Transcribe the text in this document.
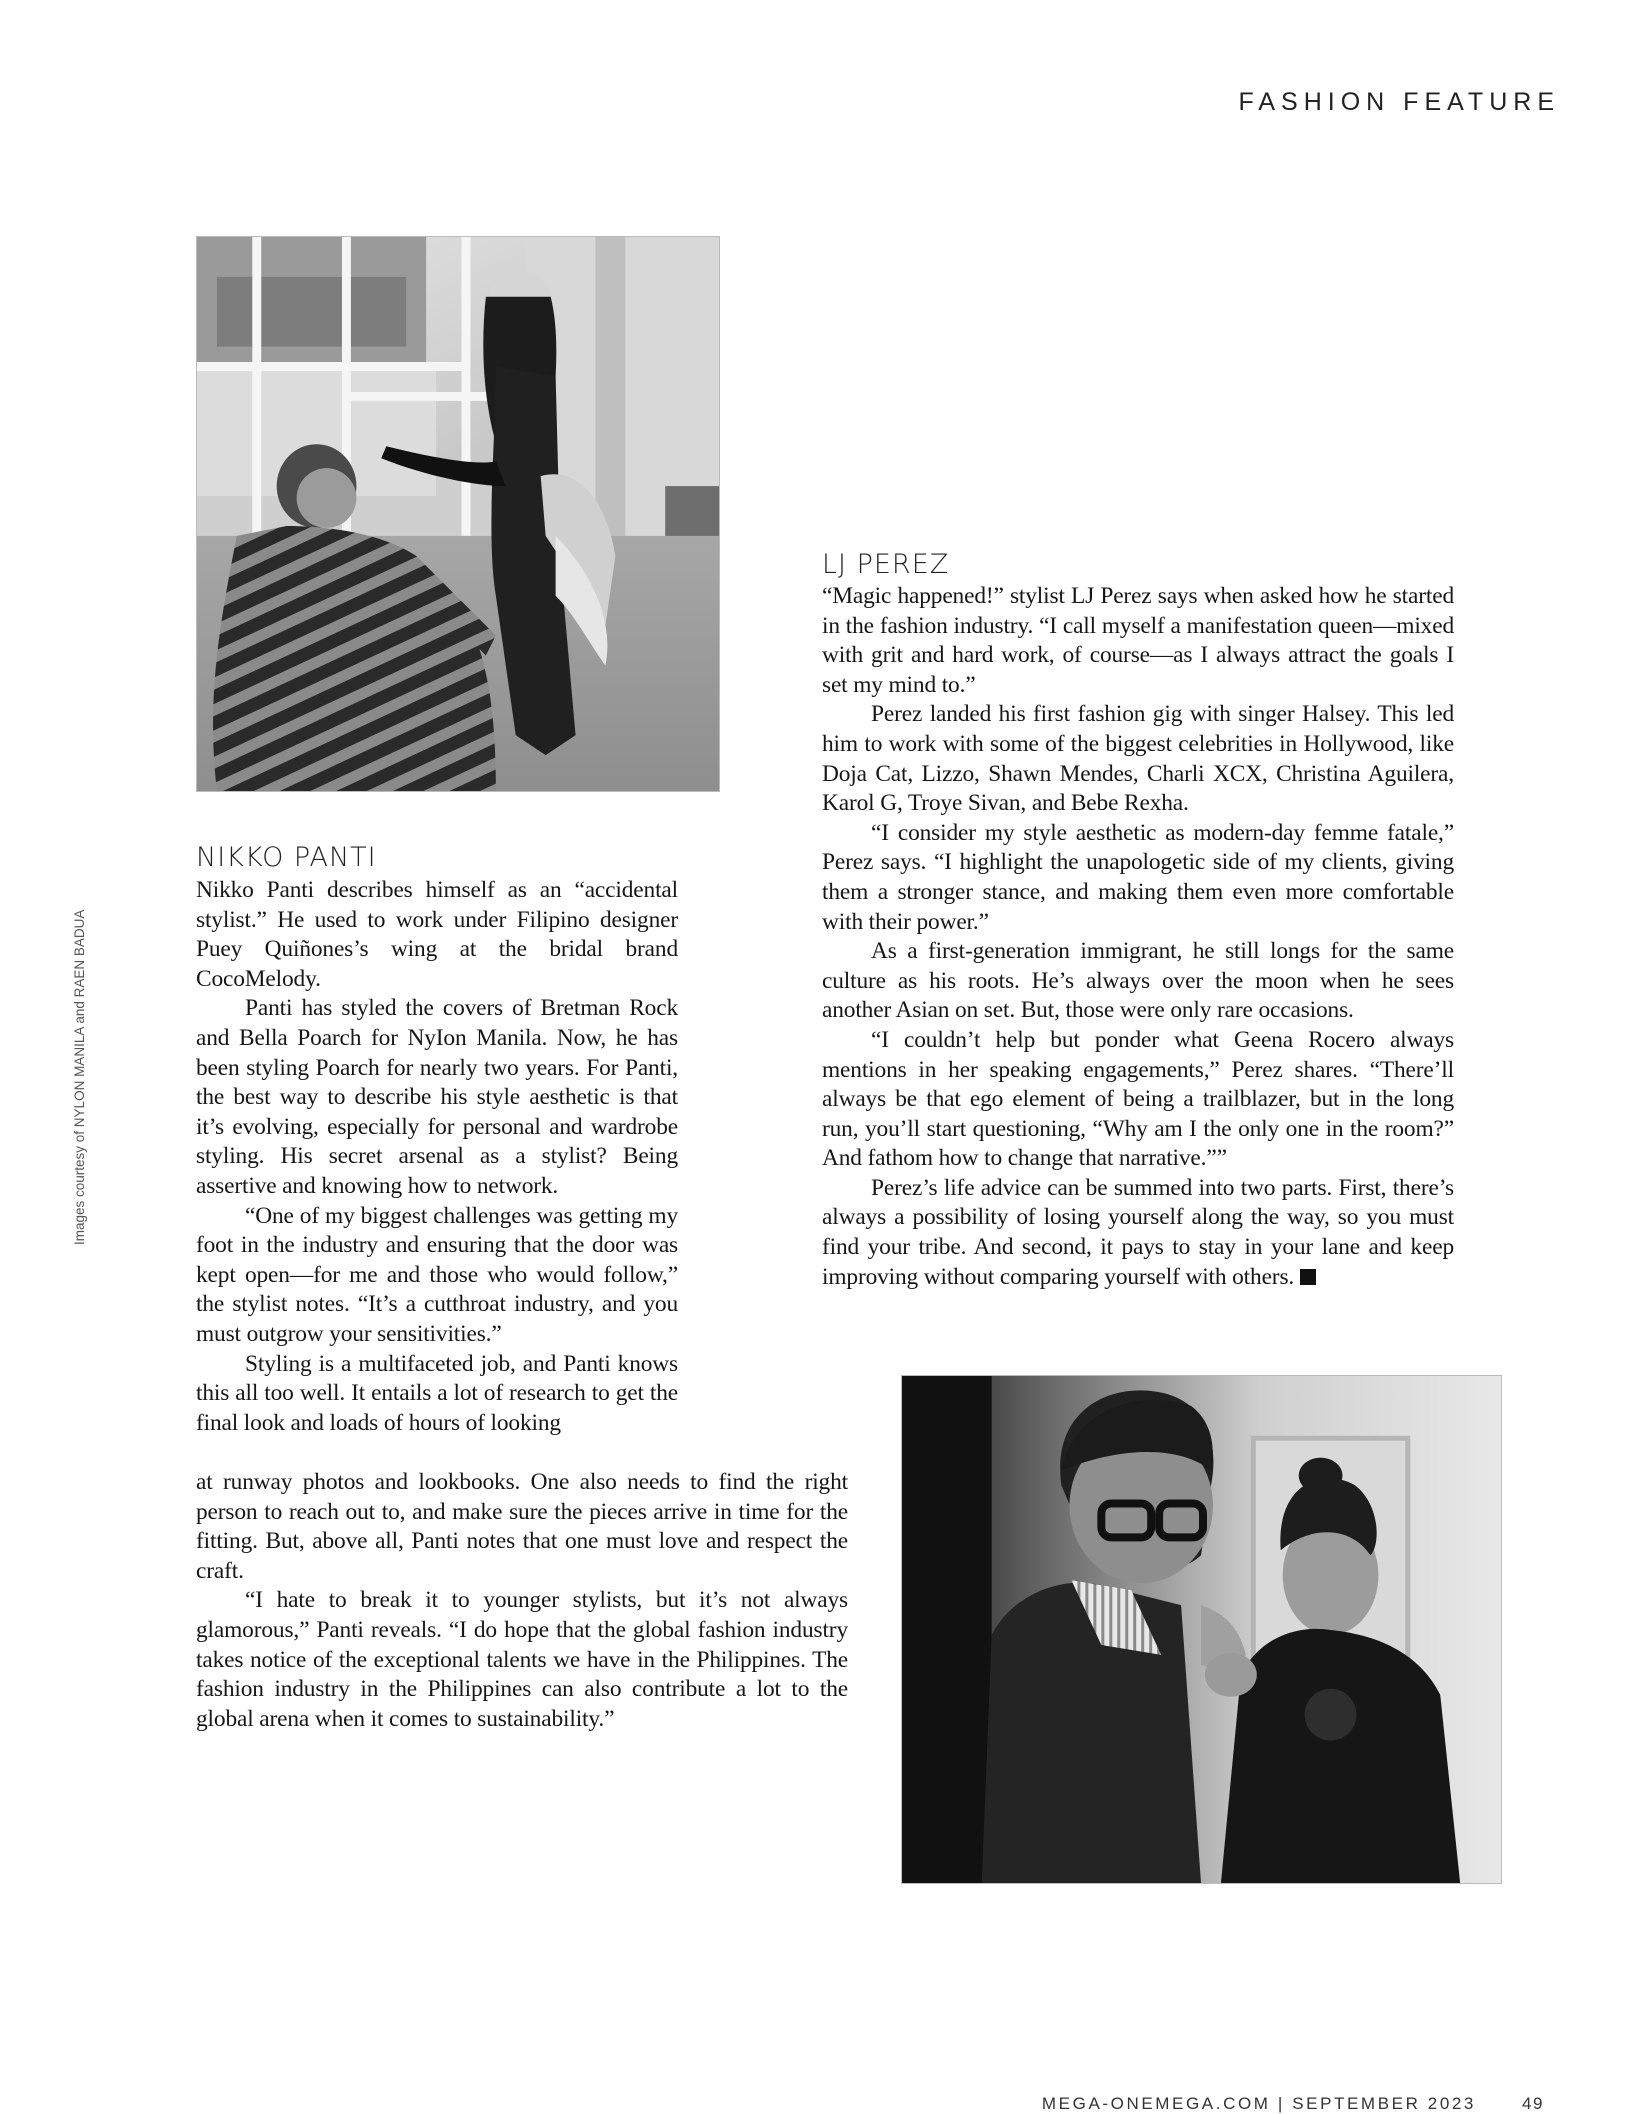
FASHION FEATURE
Images courtesy of NYLON MANILA and RAEN BADUA
NIKKO PANTI

Nikko Panti describes himself as an “accidental stylist.” He used to work under Filipino designer Puey Quiñones’s wing at the bridal brand CocoMelody.

Panti has styled the covers of Bretman Rock and Bella Poarch for NyIon Manila. Now, he has been styling Poarch for nearly two years. For Panti, the best way to describe his style aesthetic is that it’s evolving, especially for personal and wardrobe styling. His secret arsenal as a stylist? Being assertive and knowing how to network.

“One of my biggest challenges was getting my foot in the industry and ensuring that the door was kept open—for me and those who would follow,” the stylist notes. “It’s a cutthroat industry, and you must outgrow your sensitivities.”

Styling is a multifaceted job, and Panti knows this all too well. It entails a lot of research to get the final look and loads of hours of looking

at runway photos and lookbooks. One also needs to find the right person to reach out to, and make sure the pieces arrive in time for the fitting. But, above all, Panti notes that one must love and respect the craft.

“I hate to break it to younger stylists, but it’s not always glamorous,” Panti reveals. “I do hope that the global fashion industry takes notice of the exceptional talents we have in the Philippines. The fashion industry in the Philippines can also contribute a lot to the global arena when it comes to sustainability.”

LJ PEREZ

“Magic happened!” stylist LJ Perez says when asked how he started in the fashion industry. “I call myself a manifestation queen—mixed with grit and hard work, of course—as I always attract the goals I set my mind to.”

Perez landed his first fashion gig with singer Halsey. This led him to work with some of the biggest celebrities in Hollywood, like Doja Cat, Lizzo, Shawn Mendes, Charli XCX, Christina Aguilera, Karol G, Troye Sivan, and Bebe Rexha.

“I consider my style aesthetic as modern-day femme fatale,” Perez says. “I highlight the unapologetic side of my clients, giving them a stronger stance, and making them even more comfortable with their power.”

As a first-generation immigrant, he still longs for the same culture as his roots. He’s always over the moon when he sees another Asian on set. But, those were only rare occasions.

“I couldn’t help but ponder what Geena Rocero always mentions in her speaking engagements,” Perez shares. “There’ll always be that ego element of being a trailblazer, but in the long run, you’ll start questioning, “Why am I the only one in the room?” And fathom how to change that narrative.””

Perez’s life advice can be summed into two parts. First, there’s always a possibility of losing yourself along the way, so you must find your tribe. And second, it pays to stay in your lane and keep improving without comparing yourself with others.

MEGA-ONEMEGA.COM | SEPTEMBER 2023	49
